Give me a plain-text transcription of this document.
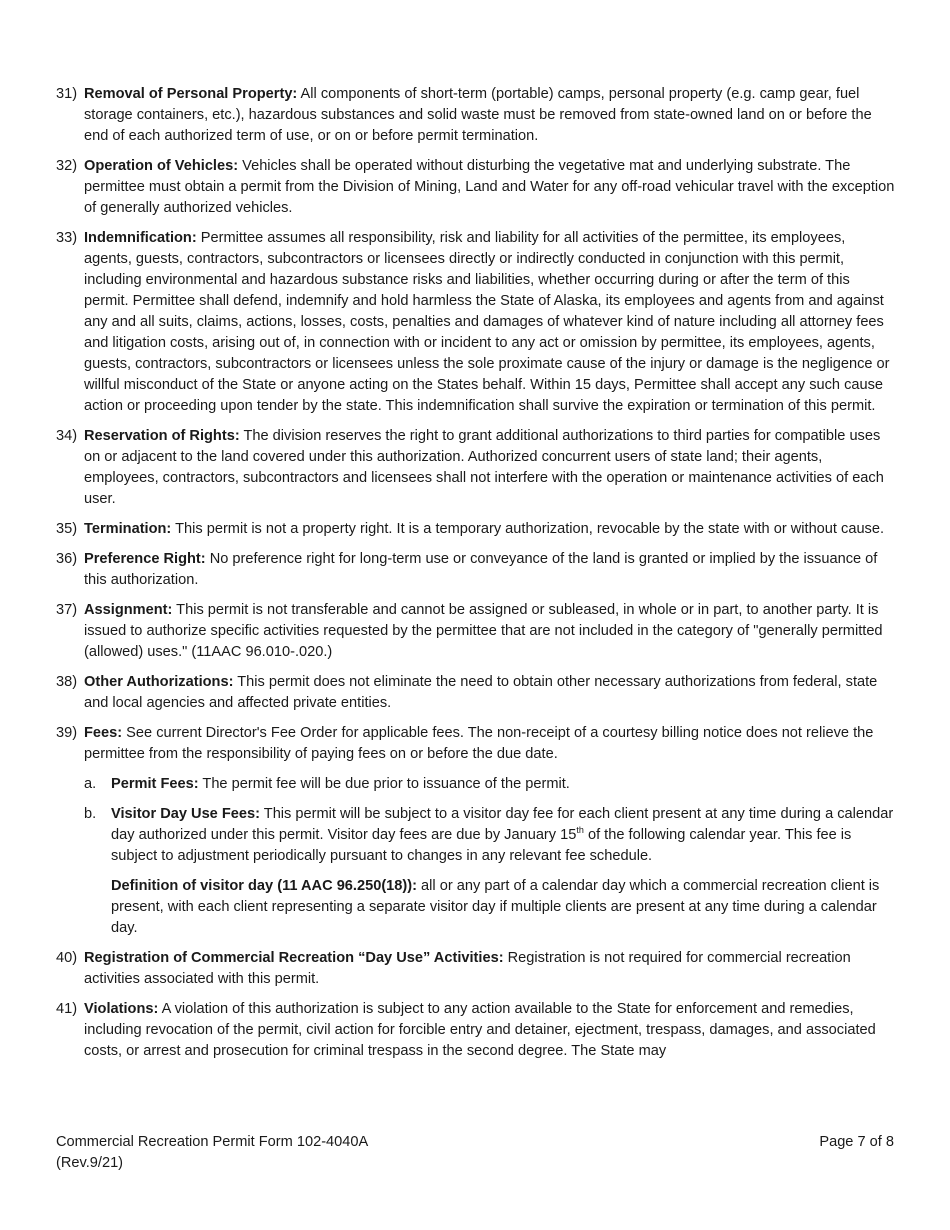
31) Removal of Personal Property: All components of short-term (portable) camps, personal property (e.g. camp gear, fuel storage containers, etc.), hazardous substances and solid waste must be removed from state-owned land on or before the end of each authorized term of use, or on or before permit termination.
32) Operation of Vehicles: Vehicles shall be operated without disturbing the vegetative mat and underlying substrate. The permittee must obtain a permit from the Division of Mining, Land and Water for any off-road vehicular travel with the exception of generally authorized vehicles.
33) Indemnification: Permittee assumes all responsibility, risk and liability for all activities of the permittee, its employees, agents, guests, contractors, subcontractors or licensees directly or indirectly conducted in conjunction with this permit, including environmental and hazardous substance risks and liabilities, whether occurring during or after the term of this permit. Permittee shall defend, indemnify and hold harmless the State of Alaska, its employees and agents from and against any and all suits, claims, actions, losses, costs, penalties and damages of whatever kind of nature including all attorney fees and litigation costs, arising out of, in connection with or incident to any act or omission by permittee, its employees, agents, guests, contractors, subcontractors or licensees unless the sole proximate cause of the injury or damage is the negligence or willful misconduct of the State or anyone acting on the States behalf. Within 15 days, Permittee shall accept any such cause action or proceeding upon tender by the state. This indemnification shall survive the expiration or termination of this permit.
34) Reservation of Rights: The division reserves the right to grant additional authorizations to third parties for compatible uses on or adjacent to the land covered under this authorization. Authorized concurrent users of state land; their agents, employees, contractors, subcontractors and licensees shall not interfere with the operation or maintenance activities of each user.
35) Termination: This permit is not a property right. It is a temporary authorization, revocable by the state with or without cause.
36) Preference Right: No preference right for long-term use or conveyance of the land is granted or implied by the issuance of this authorization.
37) Assignment: This permit is not transferable and cannot be assigned or subleased, in whole or in part, to another party. It is issued to authorize specific activities requested by the permittee that are not included in the category of "generally permitted (allowed) uses." (11AAC 96.010-.020.)
38) Other Authorizations: This permit does not eliminate the need to obtain other necessary authorizations from federal, state and local agencies and affected private entities.
39) Fees: See current Director's Fee Order for applicable fees. The non-receipt of a courtesy billing notice does not relieve the permittee from the responsibility of paying fees on or before the due date.
a. Permit Fees: The permit fee will be due prior to issuance of the permit.
b. Visitor Day Use Fees: This permit will be subject to a visitor day fee for each client present at any time during a calendar day authorized under this permit. Visitor day fees are due by January 15th of the following calendar year. This fee is subject to adjustment periodically pursuant to changes in any relevant fee schedule.
Definition of visitor day (11 AAC 96.250(18)): all or any part of a calendar day which a commercial recreation client is present, with each client representing a separate visitor day if multiple clients are present at any time during a calendar day.
40) Registration of Commercial Recreation “Day Use” Activities: Registration is not required for commercial recreation activities associated with this permit.
41) Violations: A violation of this authorization is subject to any action available to the State for enforcement and remedies, including revocation of the permit, civil action for forcible entry and detainer, ejectment, trespass, damages, and associated costs, or arrest and prosecution for criminal trespass in the second degree. The State may
Commercial Recreation Permit Form 102-4040A
(Rev.9/21)
Page 7 of 8
